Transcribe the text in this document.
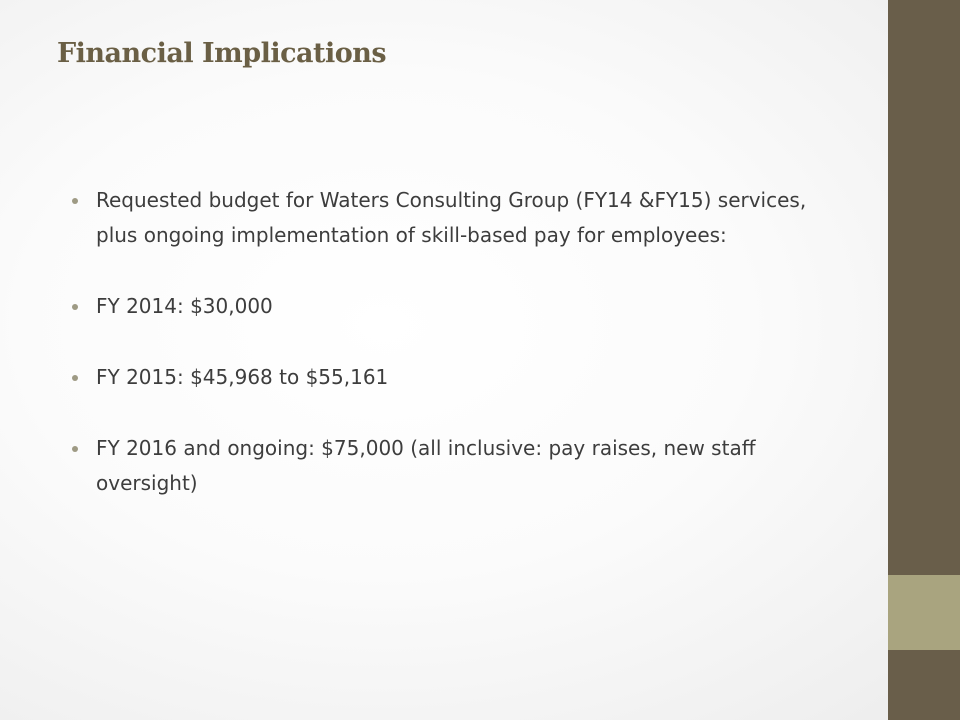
Financial Implications
Requested budget for Waters Consulting Group (FY14 &FY15) services, plus ongoing implementation of skill-based pay for employees:
FY 2014: $30,000
FY 2015: $45,968 to $55,161
FY 2016 and ongoing: $75,000 (all inclusive: pay raises, new staff oversight)
